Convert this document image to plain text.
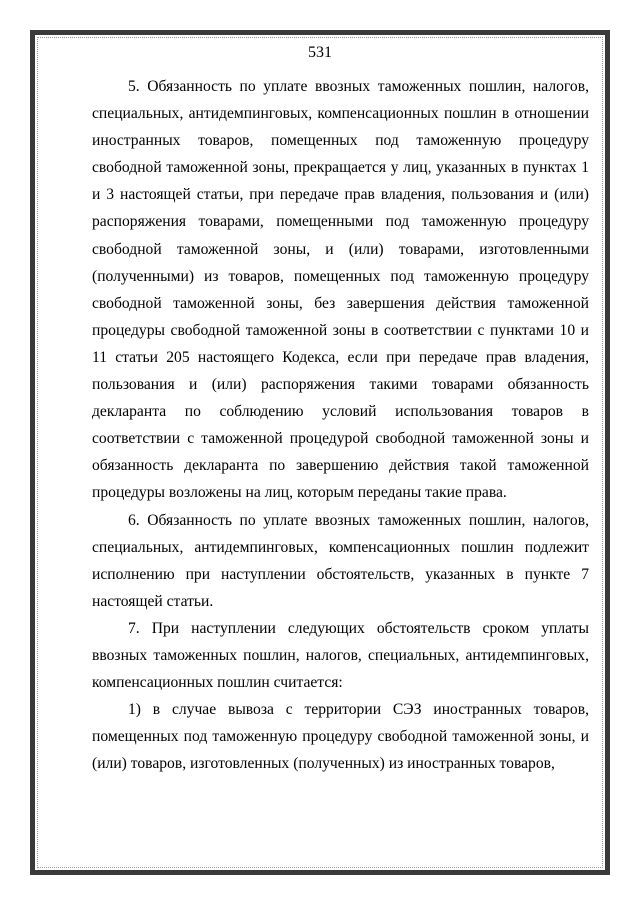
531

5. Обязанность по уплате ввозных таможенных пошлин, налогов, специальных, антидемпинговых, компенсационных пошлин в отношении иностранных товаров, помещенных под таможенную процедуру свободной таможенной зоны, прекращается у лиц, указанных в пунктах 1 и 3 настоящей статьи, при передаче прав владения, пользования и (или) распоряжения товарами, помещенными под таможенную процедуру свободной таможенной зоны, и (или) товарами, изготовленными (полученными) из товаров, помещенных под таможенную процедуру свободной таможенной зоны, без завершения действия таможенной процедуры свободной таможенной зоны в соответствии с пунктами 10 и 11 статьи 205 настоящего Кодекса, если при передаче прав владения, пользования и (или) распоряжения такими товарами обязанность декларанта по соблюдению условий использования товаров в соответствии с таможенной процедурой свободной таможенной зоны и обязанность декларанта по завершению действия такой таможенной процедуры возложены на лиц, которым переданы такие права.

6. Обязанность по уплате ввозных таможенных пошлин, налогов, специальных, антидемпинговых, компенсационных пошлин подлежит исполнению при наступлении обстоятельств, указанных в пункте 7 настоящей статьи.

7. При наступлении следующих обстоятельств сроком уплаты ввозных таможенных пошлин, налогов, специальных, антидемпинговых, компенсационных пошлин считается:

1) в случае вывоза с территории СЭЗ иностранных товаров, помещенных под таможенную процедуру свободной таможенной зоны, и (или) товаров, изготовленных (полученных) из иностранных товаров,
